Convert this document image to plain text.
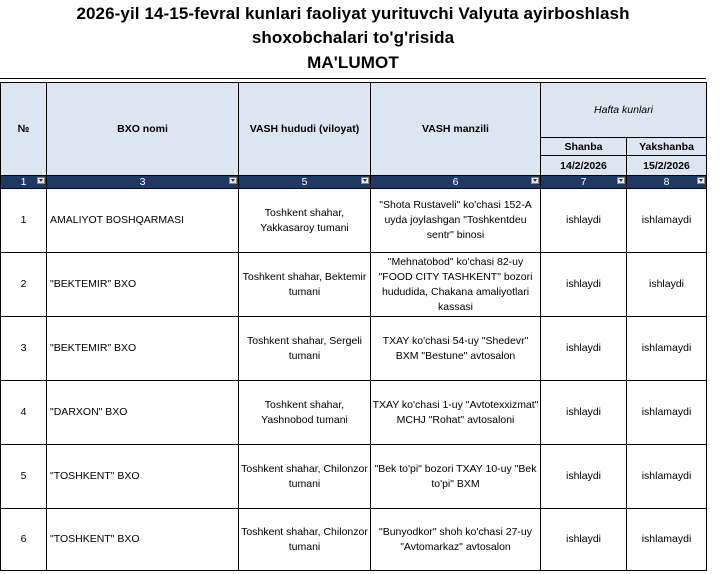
2026-yil 14-15-fevral kunlari faoliyat yurituvchi Valyuta ayirboshlash
shoxobchalari to'g'risida
MA'LUMOT
№	BXO nomi	VASH hududi (viloyat)	VASH manzili	Hafta kunlari	
				Shanba	Yakshanba
				14/2/2026	15/2/2026
1	3	5	6	7	8

1	AMALIYOT BOSHQARMASI	Toshkent shahar, Yakkasaroy tumani	"Shota Rustaveli" ko'chasi 152-A uyda joylashgan "Toshkentdeu sentr" binosi	ishlaydi	ishlamaydi
2	"BEKTEMIR" BXO	Toshkent shahar, Bektemir tumani	"Mehnatobod" ko'chasi 82-uy "FOOD CITY TASHKENT" bozori hududida, Chakana amaliyotlari kassasi	ishlaydi	ishlaydi
3	"BEKTEMIR" BXO	Toshkent shahar, Sergeli tumani	TXAY ko'chasi 54-uy "Shedevr" BXM "Bestune" avtosalon	ishlaydi	ishlamaydi
4	"DARXON" BXO	Toshkent shahar, Yashnobod tumani	TXAY ko'chasi 1-uy "Avtotexxizmat" MCHJ "Rohat" avtosaloni	ishlaydi	ishlamaydi
5	"TOSHKENT" BXO	Toshkent shahar, Chilonzor tumani	"Bek to'pi" bozori TXAY 10-uy "Bek to'pi" BXM	ishlaydi	ishlamaydi
6	"TOSHKENT" BXO	Toshkent shahar, Chilonzor tumani	"Bunyodkor" shoh ko'chasi 27-uy "Avtomarkaz" avtosalon	ishlaydi	ishlamaydi
